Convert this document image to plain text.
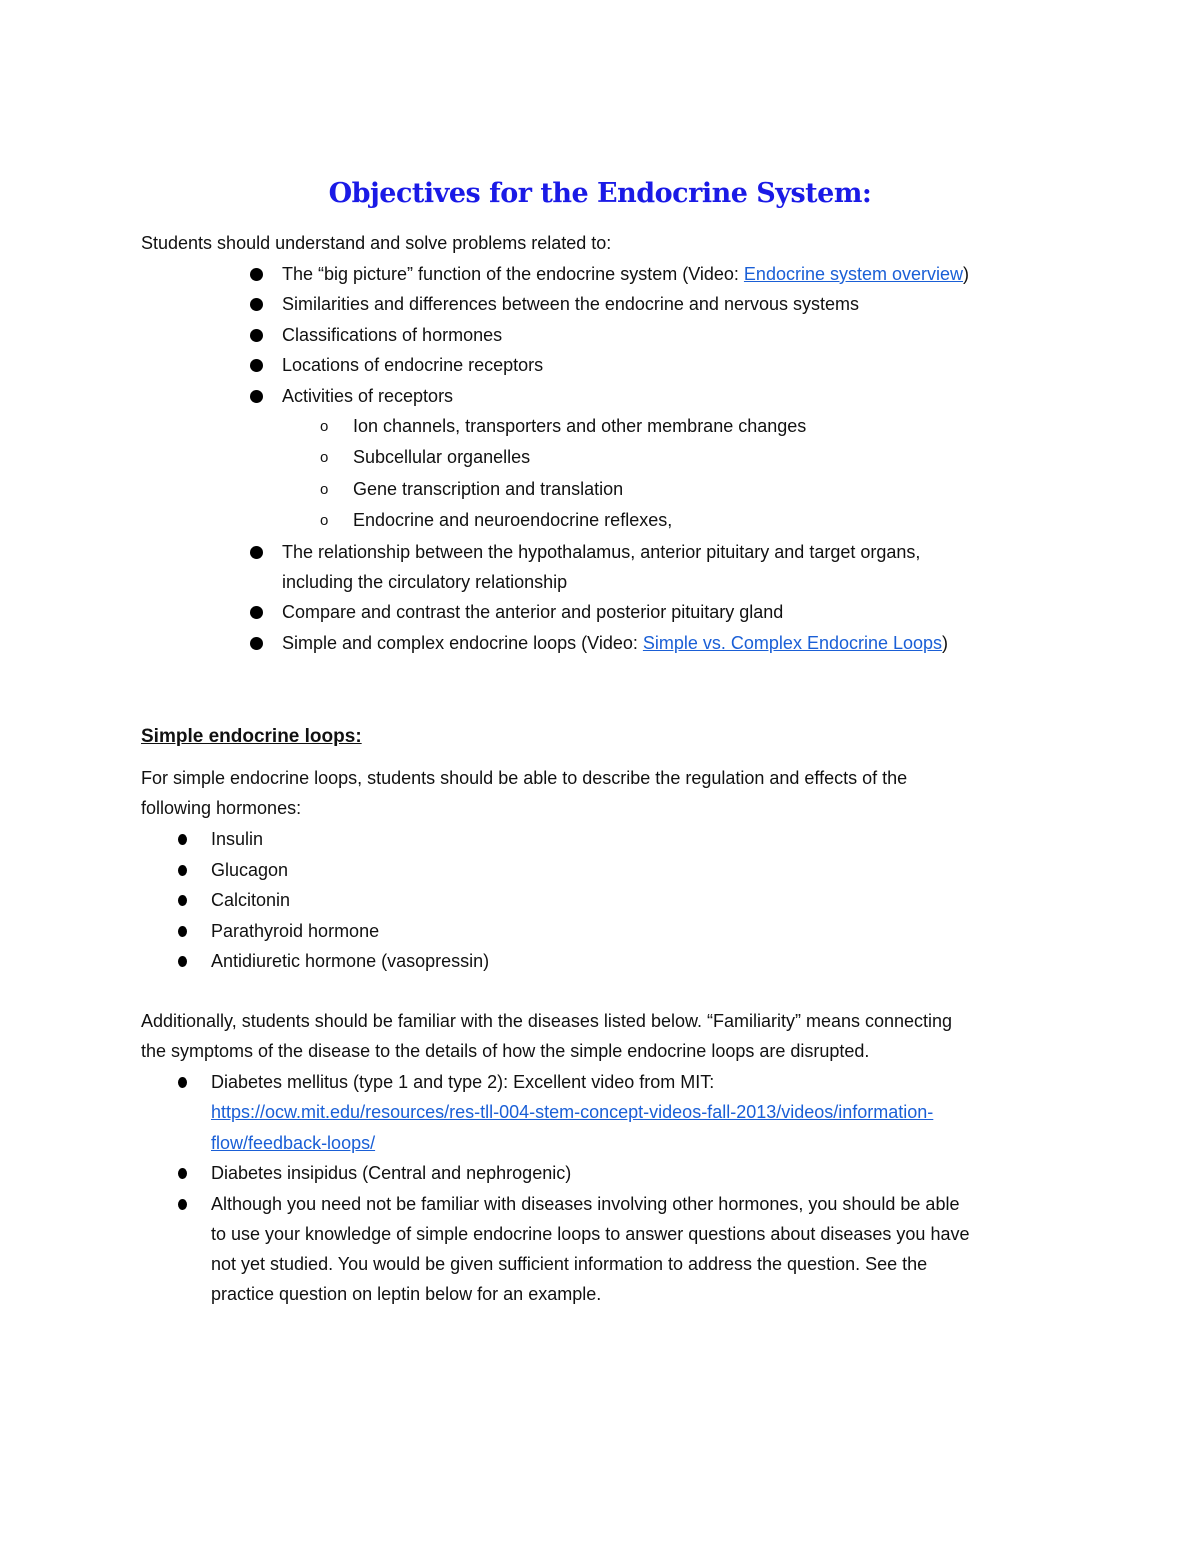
Objectives for the Endocrine System:
Students should understand and solve problems related to:
The “big picture” function of the endocrine system (Video: Endocrine system overview)
Similarities and differences between the endocrine and nervous systems
Classifications of hormones
Locations of endocrine receptors
Activities of receptors
o Ion channels, transporters and other membrane changes
o Subcellular organelles
o Gene transcription and translation
o Endocrine and neuroendocrine reflexes,
The relationship between the hypothalamus, anterior pituitary and target organs,
including the circulatory relationship
Compare and contrast the anterior and posterior pituitary gland
Simple and complex endocrine loops (Video: Simple vs. Complex Endocrine Loops)
Simple endocrine loops:
For simple endocrine loops, students should be able to describe the regulation and effects of the
following hormones:
Insulin
Glucagon
Calcitonin
Parathyroid hormone
Antidiuretic hormone (vasopressin)
Additionally, students should be familiar with the diseases listed below. “Familiarity” means connecting
the symptoms of the disease to the details of how the simple endocrine loops are disrupted.
Diabetes mellitus (type 1 and type 2): Excellent video from MIT:
https://ocw.mit.edu/resources/res-tll-004-stem-concept-videos-fall-2013/videos/information-
flow/feedback-loops/
Diabetes insipidus (Central and nephrogenic)
Although you need not be familiar with diseases involving other hormones, you should be able
to use your knowledge of simple endocrine loops to answer questions about diseases you have
not yet studied. You would be given sufficient information to address the question. See the
practice question on leptin below for an example.
